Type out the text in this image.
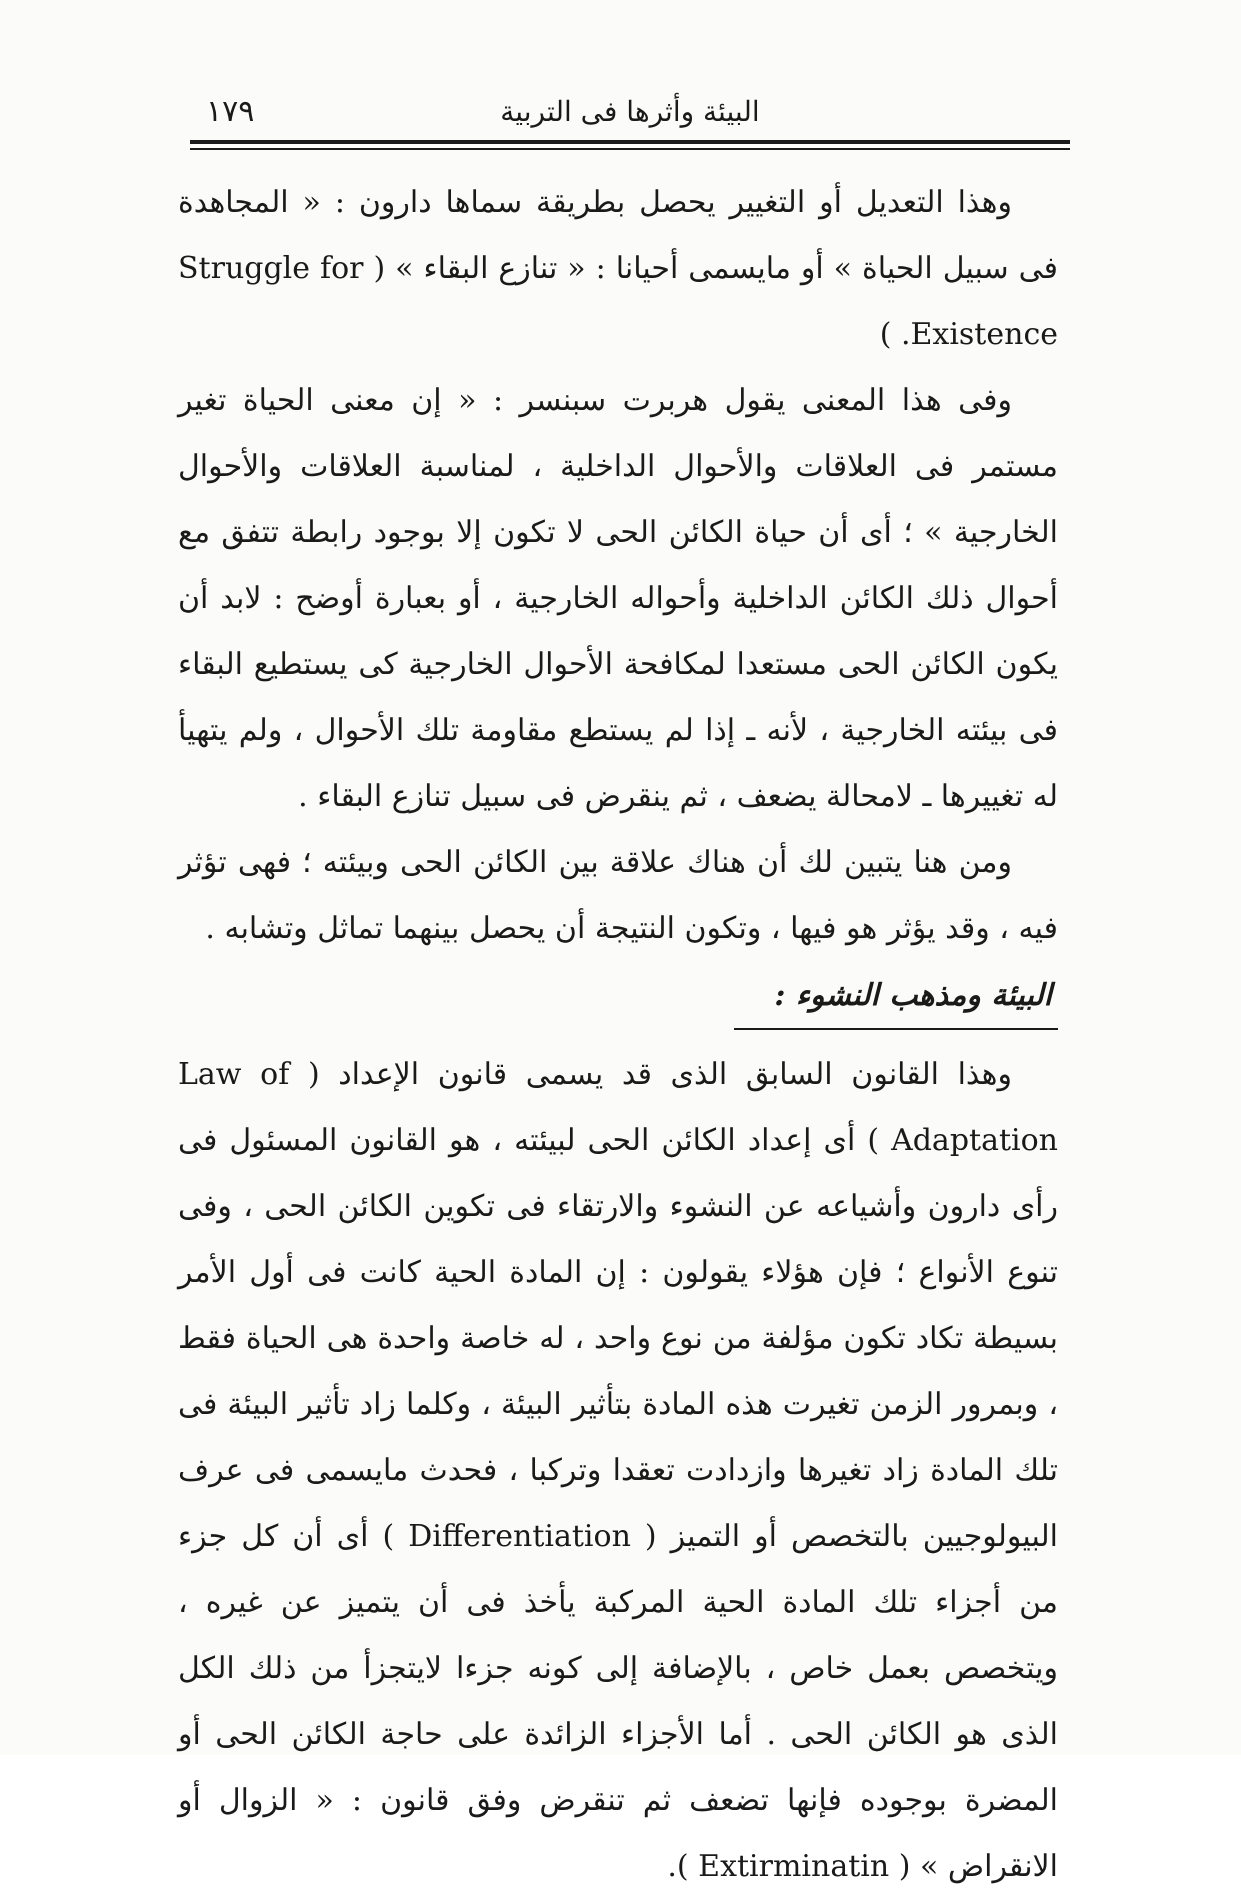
البيئة وأثرها فى التربية
١٧٩

وهذا التعديل أو التغيير يحصل بطريقة سماها دارون : « المجاهدة فى سبيل الحياة » أو مايسمى أحيانا : « تنازع البقاء » ( Struggle for Existence. )

وفى هذا المعنى يقول هربرت سبنسر : « إن معنى الحياة تغير مستمر فى العلاقات والأحوال الداخلية ، لمناسبة العلاقات والأحوال الخارجية » ؛ أى أن حياة الكائن الحى لا تكون إلا بوجود رابطة تتفق مع أحوال ذلك الكائن الداخلية وأحواله الخارجية ، أو بعبارة أوضح : لابد أن يكون الكائن الحى مستعدا لمكافحة الأحوال الخارجية كى يستطيع البقاء فى بيئته الخارجية ، لأنه ـ إذا لم يستطع مقاومة تلك الأحوال ، ولم يتهيأ له تغييرها ـ لامحالة يضعف ، ثم ينقرض فى سبيل تنازع البقاء .

ومن هنا يتبين لك أن هناك علاقة بين الكائن الحى وبيئته ؛ فهى تؤثر فيه ، وقد يؤثر هو فيها ، وتكون النتيجة أن يحصل بينهما تماثل وتشابه .

البيئة ومذهب النشوء :

وهذا القانون السابق الذى قد يسمى قانون الإعداد ( Law of Adaptation ) أى إعداد الكائن الحى لبيئته ، هو القانون المسئول فى رأى دارون وأشياعه عن النشوء والارتقاء فى تكوين الكائن الحى ، وفى تنوع الأنواع ؛ فإن هؤلاء يقولون : إن المادة الحية كانت فى أول الأمر بسيطة تكاد تكون مؤلفة من نوع واحد ، له خاصة واحدة هى الحياة فقط ، وبمرور الزمن تغيرت هذه المادة بتأثير البيئة ، وكلما زاد تأثير البيئة فى تلك المادة زاد تغيرها وازدادت تعقدا وتركبا ، فحدث مايسمى فى عرف البيولوجيين بالتخصص أو التميز ( Differentiation ) أى أن كل جزء من أجزاء تلك المادة الحية المركبة يأخذ فى أن يتميز عن غيره ، ويتخصص بعمل خاص ، بالإضافة إلى كونه جزءا لايتجزأ من ذلك الكل الذى هو الكائن الحى . أما الأجزاء الزائدة على حاجة الكائن الحى أو المضرة بوجوده فإنها تضعف ثم تنقرض وفق قانون : « الزوال أو الانقراض » ( Extirminatin ).
